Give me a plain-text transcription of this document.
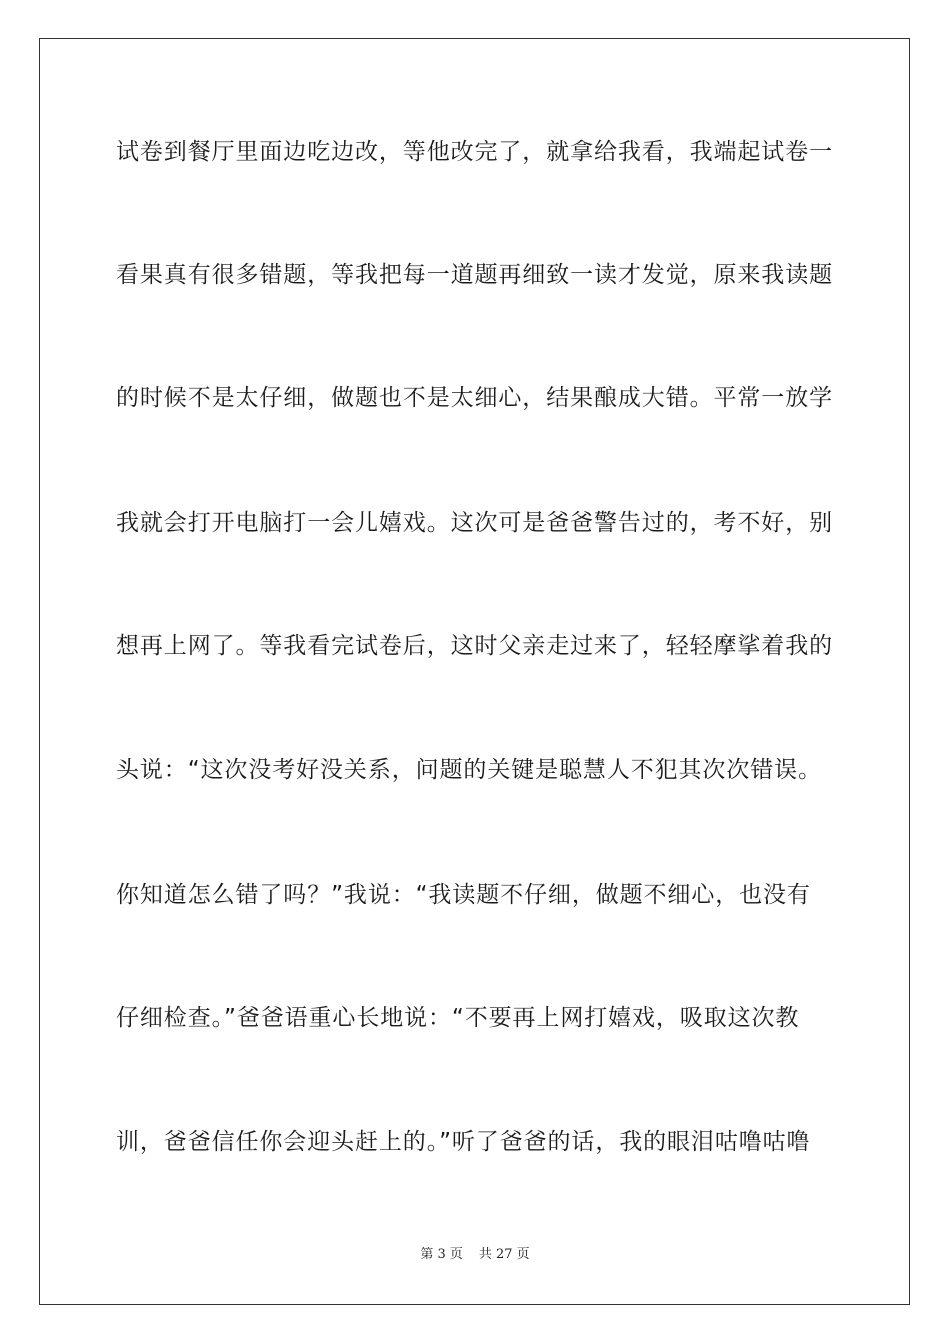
试卷到餐厅里面边吃边改，等他改完了，就拿给我看，我端起试卷一
看果真有很多错题，等我把每一道题再细致一读才发觉，原来我读题
的时候不是太仔细，做题也不是太细心，结果酿成大错。平常一放学
我就会打开电脑打一会儿嬉戏。这次可是爸爸警告过的，考不好，别
想再上网了。等我看完试卷后，这时父亲走过来了，轻轻摩挲着我的
头说：“这次没考好没关系，问题的关键是聪慧人不犯其次次错误。
你知道怎么错了吗？”我说：“我读题不仔细，做题不细心，也没有
仔细检查。”爸爸语重心长地说：“不要再上网打嬉戏，吸取这次教
训，爸爸信任你会迎头赶上的。”听了爸爸的话，我的眼泪咕噜咕噜
第 3 页 共 27 页
